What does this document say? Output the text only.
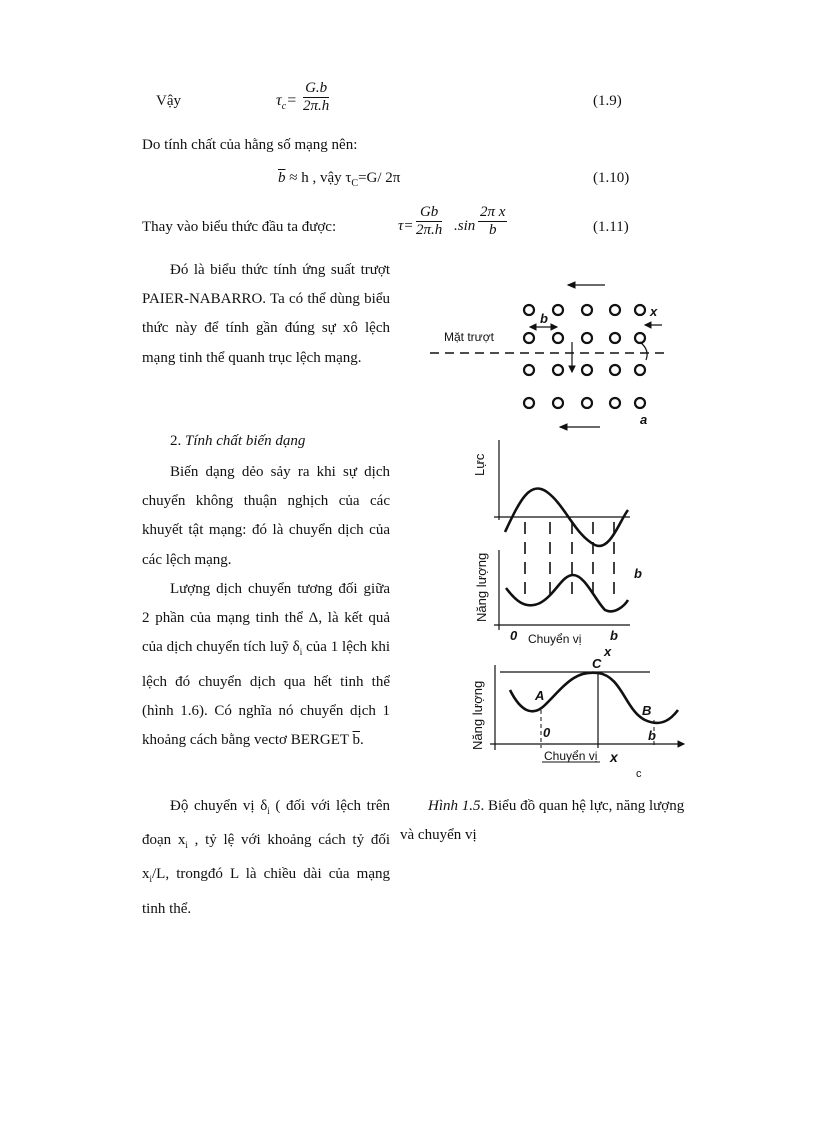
Vậy	$\tau_c= \frac{G.b}{2\pi.h}$	(1.9)
Do tính chất của hằng số mạng nên:
$\overline{b} \approx h$ , vậy $\tau_C=G/$ 2π	(1.10)
Thay vào biểu thức đầu ta được:	$\tau= \frac{Gb}{2\pi.h} .\sin \frac{\text{2π x}}{b}$	(1.11)

Đó là biểu thức tính ứng suất trượt PAIER-NABARRO. Ta có thể dùng biểu thức này để tính gần đúng sự xô lệch mạng tinh thể quanh trục lệch mạng.

2. Tính chất biến dạng

Biến dạng dẻo sảy ra khi sự dịch chuyển không thuận nghịch của các khuyết tật mạng: đó là chuyển dịch của các lệch mạng.

Lượng dịch chuyển tương đối giữa 2 phần của mạng tinh thể Δ, là kết quả của dịch chuyển tích luỹ $\delta_i$ của 1 lệch khi lệch đó chuyển dịch qua hết tinh thể (hình 1.6). Có nghĩa nó chuyển dịch 1 khoảng cách bằng vectơ BERGET $\overline{b}$.

Độ chuyển vị $\delta_i$ ( đối với lệch trên đoạn $x_i$ , tỷ lệ với khoảng cách tỷ đối $x_i/L$, trongđó L là chiều dài của mạng tinh thể.

Mặt trượt
b	x
a
Lực
Năng lượng
Chuyển vị
b
0	b
Năng lượng
Chuyển vị x
0
A
B
C
x
b
c
Hình 1.5. Biểu đồ quan hệ lực, năng lượng và chuyển vị
